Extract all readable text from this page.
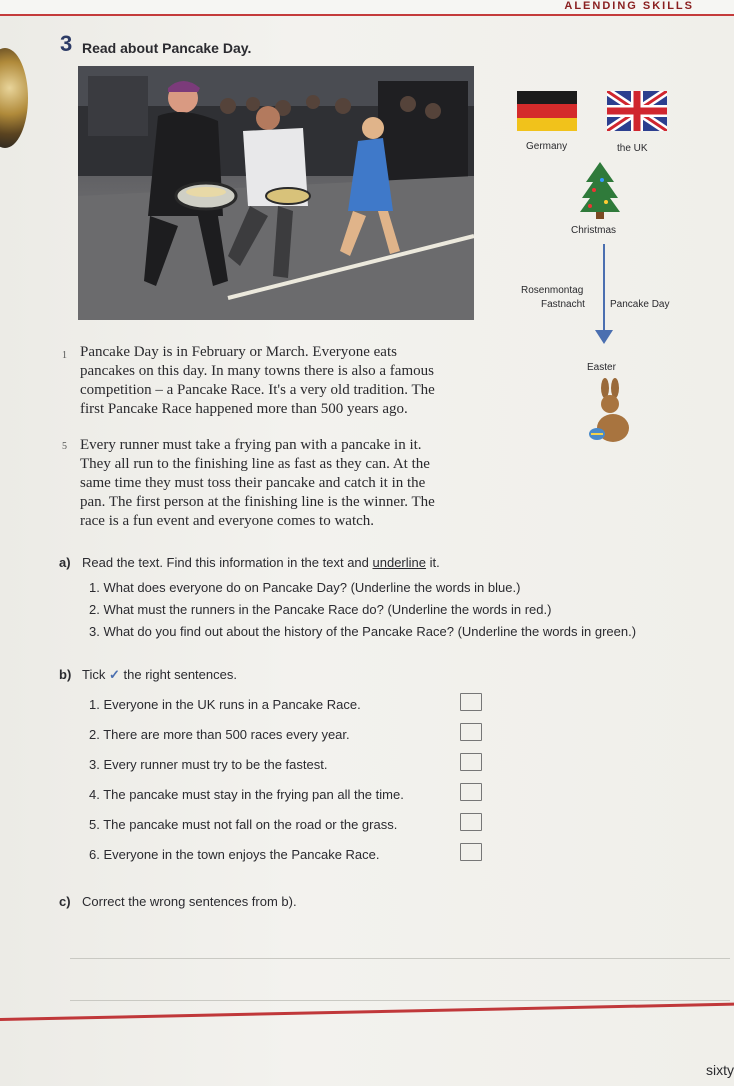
ALENDING SKILLS
3 Read about Pancake Day.
Germany	the UK
Christmas
Rosenmontag
Fastnacht	Pancake Day
Easter
1 Pancake Day is in February or March. Everyone eats
pancakes on this day. In many towns there is also a famous
competition – a Pancake Race. It's a very old tradition. The
first Pancake Race happened more than 500 years ago.
5 Every runner must take a frying pan with a pancake in it.
They all run to the finishing line as fast as they can. At the
same time they must toss their pancake and catch it in the
pan. The first person at the finishing line is the winner. The
race is a fun event and everyone comes to watch.
a) Read the text. Find this information in the text and underline it.
1. What does everyone do on Pancake Day? (Underline the words in blue.)
2. What must the runners in the Pancake Race do? (Underline the words in red.)
3. What do you find out about the history of the Pancake Race? (Underline the words in green.)
b) Tick ✓ the right sentences.
1. Everyone in the UK runs in a Pancake Race.
2. There are more than 500 races every year.
3. Every runner must try to be the fastest.
4. The pancake must stay in the frying pan all the time.
5. The pancake must not fall on the road or the grass.
6. Everyone in the town enjoys the Pancake Race.
c) Correct the wrong sentences from b).
sixty
